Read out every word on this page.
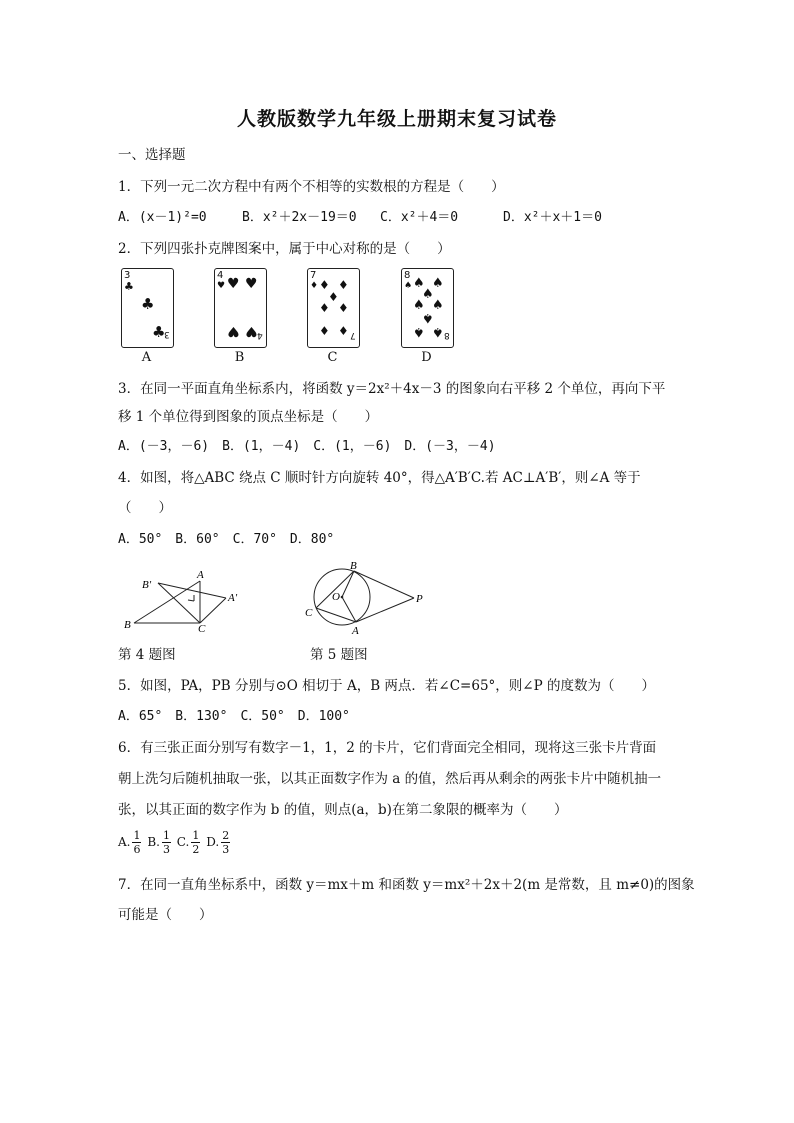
人教版数学九年级上册期末复习试卷
一、选择题
1．下列一元二次方程中有两个不相等的实数根的方程是（　　）
A．(x－1)²=0	B．x²＋2x－19＝0 C．x²＋4＝0	D．x²＋x＋1＝0
2．下列四张扑克牌图案中，属于中心对称的是（　　）
3
♣
♣
♣
3
A
4
♥ ♥ ♥
♥ ♥ 4
B
7
♦ ♦ ♦
♦
♦ ♦
♦ ♦ 7
C
8
♠ ♠ ♠
♠
♠ ♠
♠
♠ ♠ 8
D
3．在同一平面直角坐标系内，将函数 y＝2x²＋4x－3 的图象向右平移 2 个单位，再向下平
移 1 个单位得到图象的顶点坐标是（　　）
A．(－3，－6)　B．(1，－4)　C．(1，－6)　D．(－3，－4)
4．如图，将△ABC 绕点 C 顺时针方向旋转 40°，得△A′B′C.若 AC⊥A′B′，则∠A 等于
（　　）
A．50°　B．60°　C．70°　D．80°
B′
A
A′
B	C
B
C
O
A
P
第 4 题图	第 5 题图
5．如图，PA，PB 分别与⊙O 相切于 A，B 两点．若∠C=65°，则∠P 的度数为（　　）
A．65°　B．130°　C．50°　D．100°
6．有三张正面分别写有数字－1，1，2 的卡片，它们背面完全相同，现将这三张卡片背面
朝上洗匀后随机抽取一张，以其正面数字作为 a 的值，然后再从剩余的两张卡片中随机抽一
张，以其正面的数字作为 b 的值，则点(a，b)在第二象限的概率为（　　）
A. $\frac{1}{6} B$. $\frac{1}{3} C$. $\frac{1}{2} D$. $\frac{2}{3}$
7．在同一直角坐标系中，函数 y＝mx＋m 和函数 y＝mx²＋2x＋2(m 是常数，且 m≠0)的图象
可能是（　　）
